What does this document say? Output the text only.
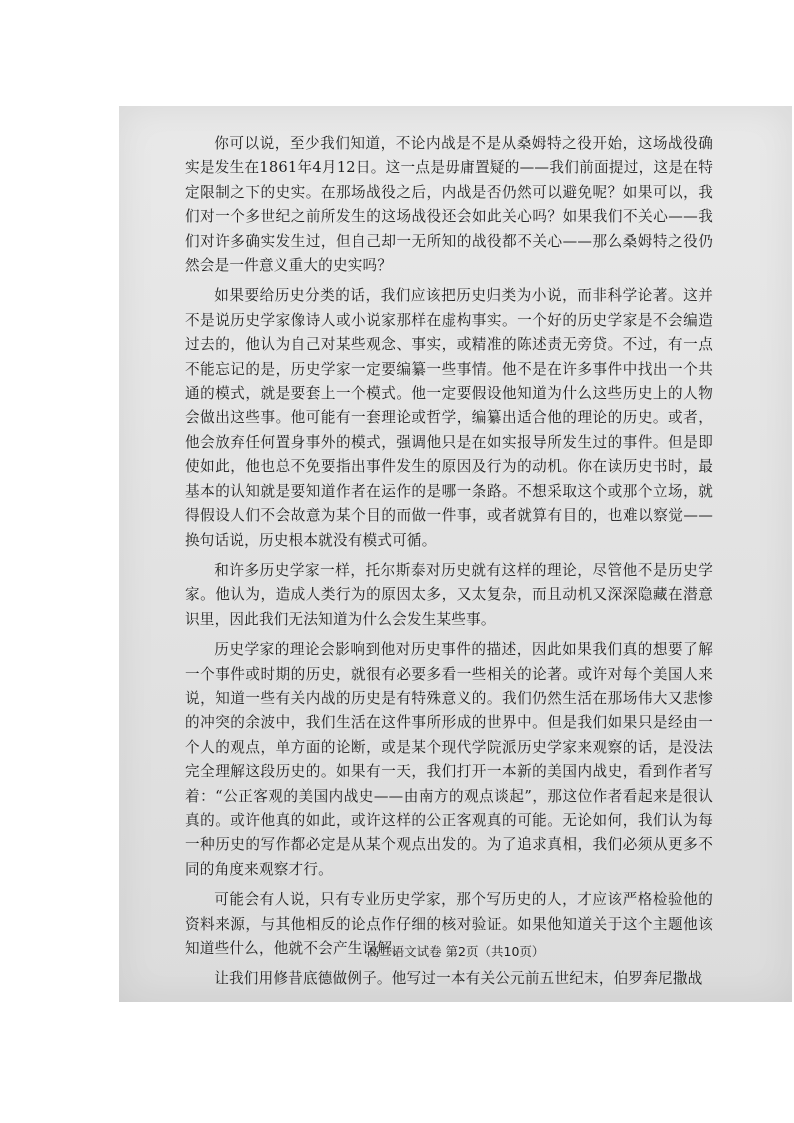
你可以说，至少我们知道，不论内战是不是从桑姆特之役开始，这场战役确实是发生在1861年4月12日。这一点是毋庸置疑的——我们前面提过，这是在特定限制之下的史实。在那场战役之后，内战是否仍然可以避免呢？如果可以，我们对一个多世纪之前所发生的这场战役还会如此关心吗？如果我们不关心——我们对许多确实发生过，但自己却一无所知的战役都不关心——那么桑姆特之役仍然会是一件意义重大的史实吗？

如果要给历史分类的话，我们应该把历史归类为小说，而非科学论著。这并不是说历史学家像诗人或小说家那样在虚构事实。一个好的历史学家是不会编造过去的，他认为自己对某些观念、事实，或精准的陈述责无旁贷。不过，有一点不能忘记的是，历史学家一定要编纂一些事情。他不是在许多事件中找出一个共通的模式，就是要套上一个模式。他一定要假设他知道为什么这些历史上的人物会做出这些事。他可能有一套理论或哲学，编纂出适合他的理论的历史。或者，他会放弃任何置身事外的模式，强调他只是在如实报导所发生过的事件。但是即使如此，他也总不免要指出事件发生的原因及行为的动机。你在读历史书时，最基本的认知就是要知道作者在运作的是哪一条路。不想采取这个或那个立场，就得假设人们不会故意为某个目的而做一件事，或者就算有目的，也难以察觉——换句话说，历史根本就没有模式可循。

和许多历史学家一样，托尔斯泰对历史就有这样的理论，尽管他不是历史学家。他认为，造成人类行为的原因太多，又太复杂，而且动机又深深隐藏在潜意识里，因此我们无法知道为什么会发生某些事。

历史学家的理论会影响到他对历史事件的描述，因此如果我们真的想要了解一个事件或时期的历史，就很有必要多看一些相关的论著。或许对每个美国人来说，知道一些有关内战的历史是有特殊意义的。我们仍然生活在那场伟大又悲惨的冲突的余波中，我们生活在这件事所形成的世界中。但是我们如果只是经由一个人的观点，单方面的论断，或是某个现代学院派历史学家来观察的话，是没法完全理解这段历史的。如果有一天，我们打开一本新的美国内战史，看到作者写着：“公正客观的美国内战史——由南方的观点谈起”，那这位作者看起来是很认真的。或许他真的如此，或许这样的公正客观真的可能。无论如何，我们认为每一种历史的写作都必定是从某个观点出发的。为了追求真相，我们必须从更多不同的角度来观察才行。

可能会有人说，只有专业历史学家，那个写历史的人，才应该严格检验他的资料来源，与其他相反的论点作仔细的核对验证。如果他知道关于这个主题他该知道些什么，他就不会产生误解。

让我们用修昔底德做例子。他写过一本有关公元前五世纪末，伯罗奔尼撒战

高二语文试卷 第2页（共10页）
